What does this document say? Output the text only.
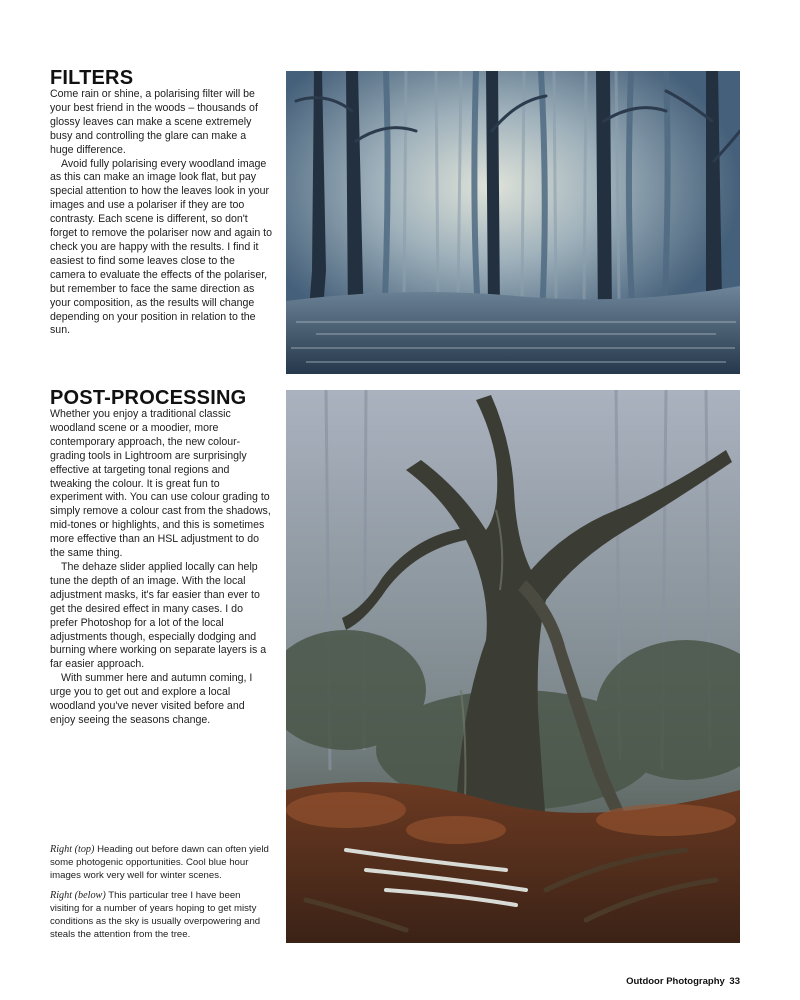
FILTERS

Come rain or shine, a polarising filter will be your best friend in the woods – thousands of glossy leaves can make a scene extremely busy and controlling the glare can make a huge difference.

Avoid fully polarising every woodland image as this can make an image look flat, but pay special attention to how the leaves look in your images and use a polariser if they are too contrasty. Each scene is different, so don't forget to remove the polariser now and again to check you are happy with the results. I find it easiest to find some leaves close to the camera to evaluate the effects of the polariser, but remember to face the same direction as your composition, as the results will change depending on your position in relation to the sun.

POST-PROCESSING

Whether you enjoy a traditional classic woodland scene or a moodier, more contemporary approach, the new colour-grading tools in Lightroom are surprisingly effective at targeting tonal regions and tweaking the colour. It is great fun to experiment with. You can use colour grading to simply remove a colour cast from the shadows, mid-tones or highlights, and this is sometimes more effective than an HSL adjustment to do the same thing.

The dehaze slider applied locally can help tune the depth of an image. With the local adjustment masks, it's far easier than ever to get the desired effect in many cases. I do prefer Photoshop for a lot of the local adjustments though, especially dodging and burning where working on separate layers is a far easier approach.

With summer here and autumn coming, I urge you to get out and explore a local woodland you've never visited before and enjoy seeing the seasons change.

Right (top) Heading out before dawn can often yield some photogenic opportunities. Cool blue hour images work very well for winter scenes.

Right (below) This particular tree I have been visiting for a number of years hoping to get misty conditions as the sky is usually overpowering and steals the attention from the tree.

Outdoor Photography 33
